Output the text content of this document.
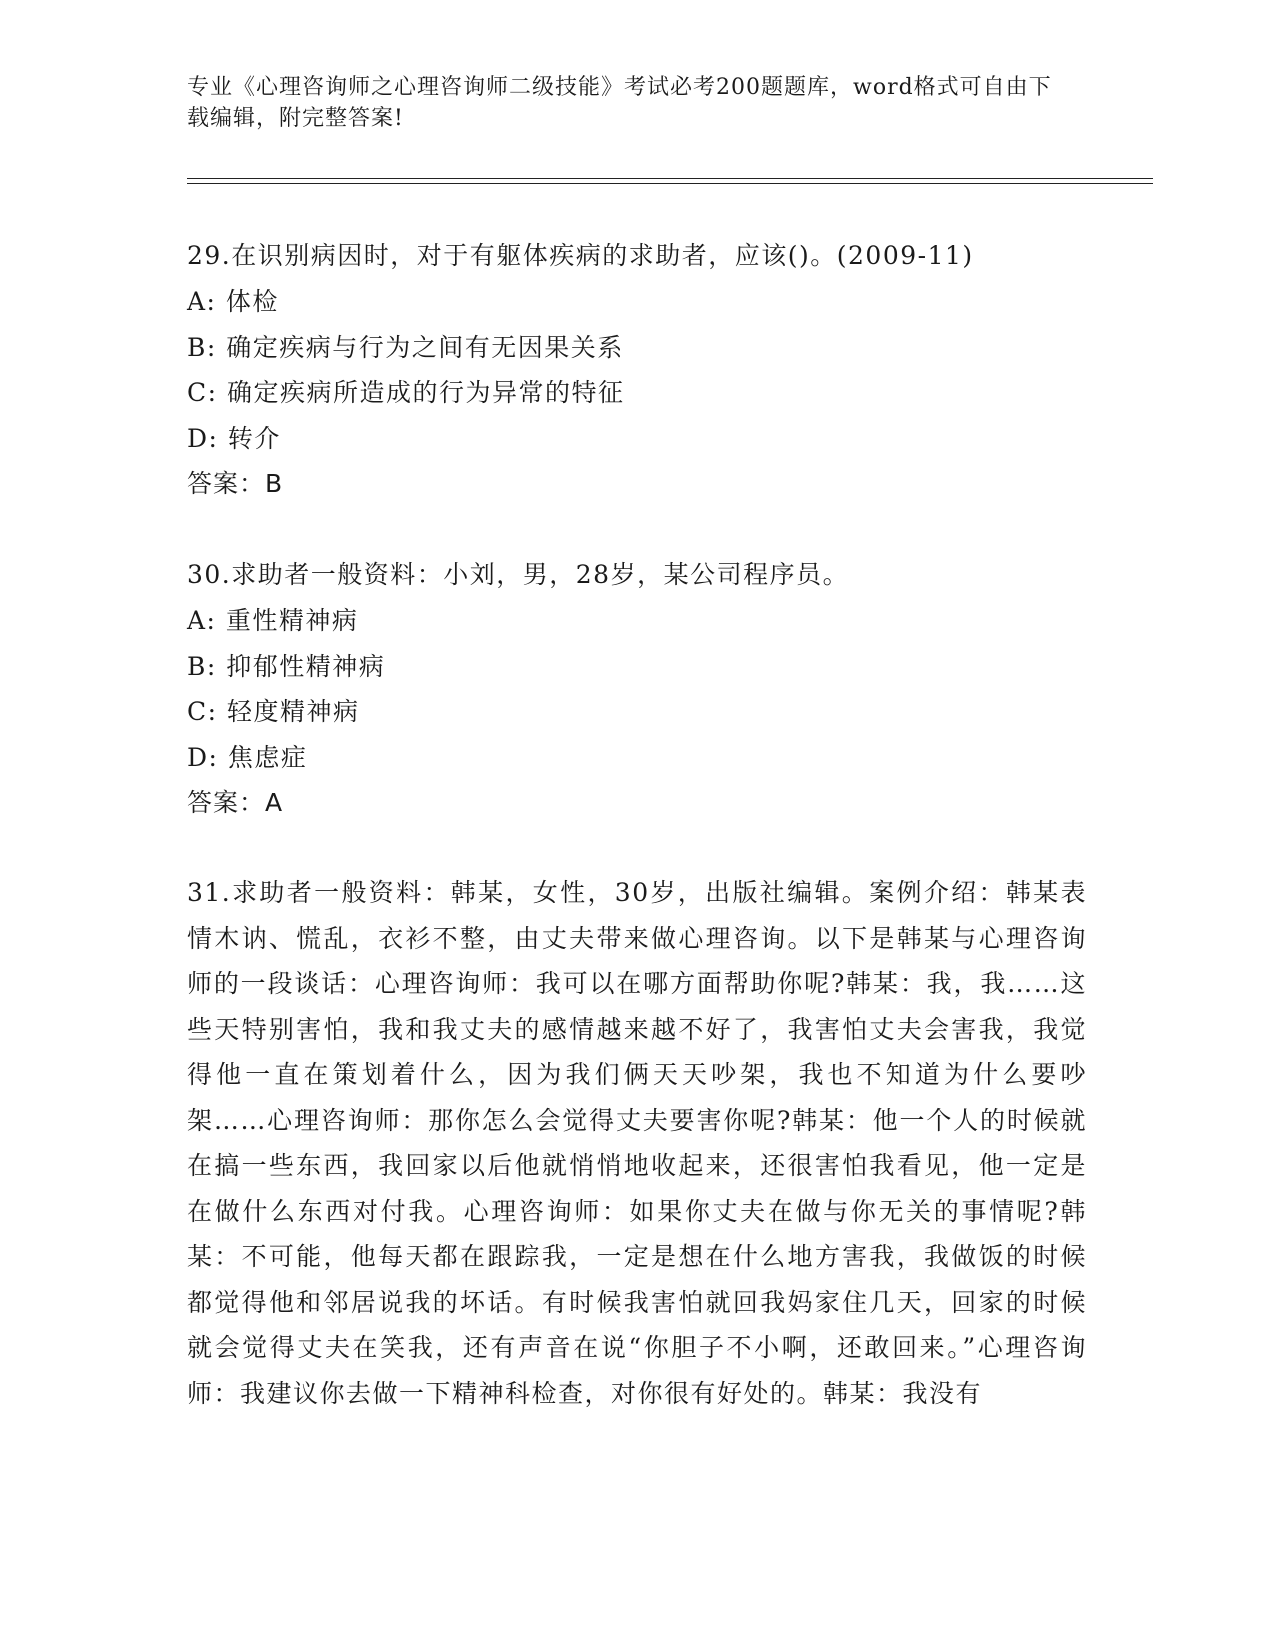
专业《心理咨询师之心理咨询师二级技能》考试必考200题题库，word格式可自由下载编辑，附完整答案!
29.在识别病因时，对于有躯体疾病的求助者，应该()。(2009-11)
A: 体检
B: 确定疾病与行为之间有无因果关系
C: 确定疾病所造成的行为异常的特征
D: 转介
答案：B
30.求助者一般资料：小刘，男，28岁，某公司程序员。
A: 重性精神病
B: 抑郁性精神病
C: 轻度精神病
D: 焦虑症
答案：A
31.求助者一般资料：韩某，女性，30岁，出版社编辑。案例介绍：韩某表情木讷、慌乱，衣衫不整，由丈夫带来做心理咨询。以下是韩某与心理咨询师的一段谈话：心理咨询师：我可以在哪方面帮助你呢?韩某：我，我……这些天特别害怕，我和我丈夫的感情越来越不好了，我害怕丈夫会害我，我觉得他一直在策划着什么，因为我们俩天天吵架，我也不知道为什么要吵架……心理咨询师：那你怎么会觉得丈夫要害你呢?韩某：他一个人的时候就在搞一些东西，我回家以后他就悄悄地收起来，还很害怕我看见，他一定是在做什么东西对付我。心理咨询师：如果你丈夫在做与你无关的事情呢?韩某：不可能，他每天都在跟踪我，一定是想在什么地方害我，我做饭的时候都觉得他和邻居说我的坏话。有时候我害怕就回我妈家住几天，回家的时候就会觉得丈夫在笑我，还有声音在说“你胆子不小啊，还敢回来。”心理咨询师：我建议你去做一下精神科检查，对你很有好处的。韩某：我没有
